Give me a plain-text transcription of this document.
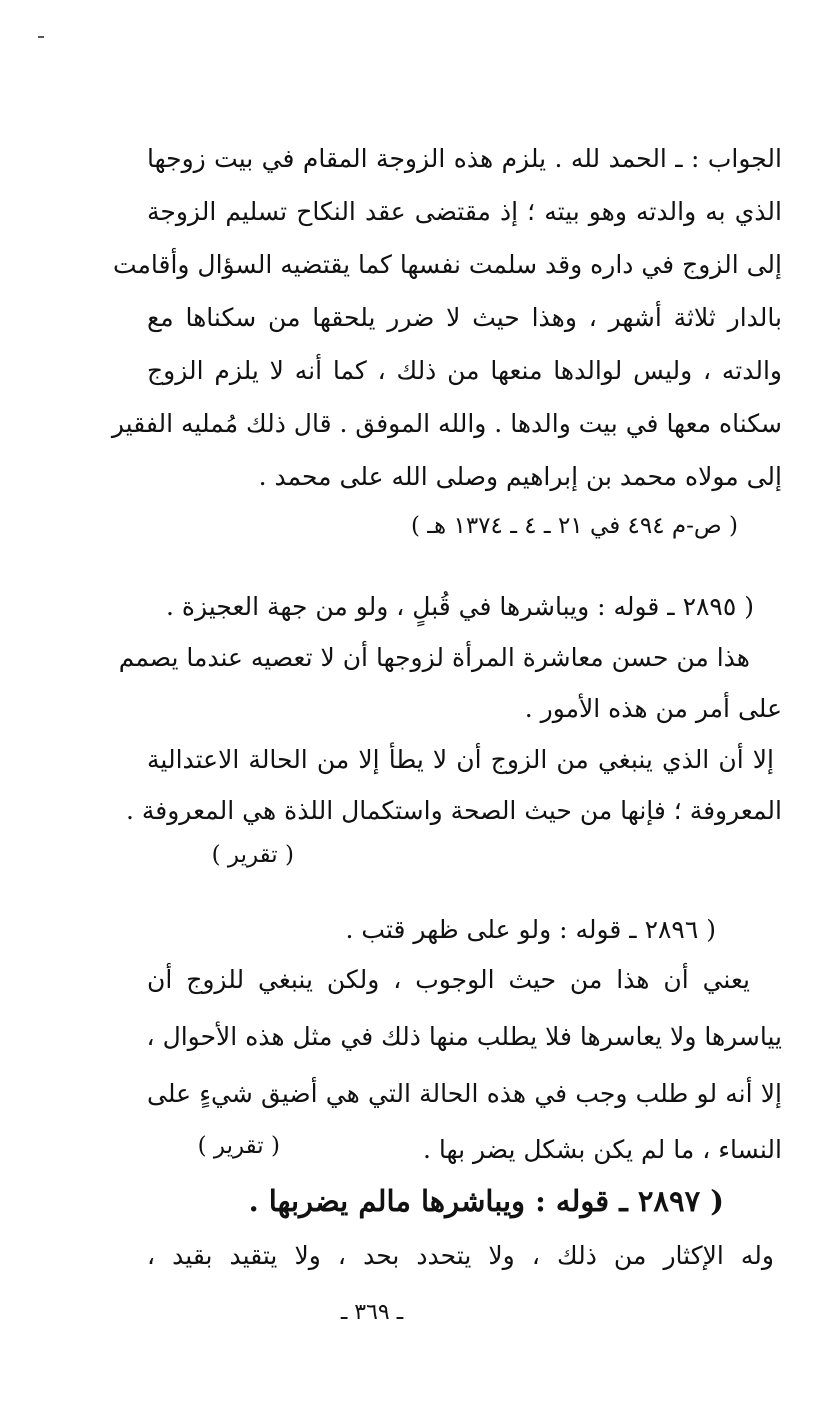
الجواب : ـ الحمد لله . يلزم هذه الزوجة المقام في بيت زوجها
الذي به والدته وهو بيته ؛ إذ مقتضى عقد النكاح تسليم الزوجة
إلى الزوج في داره وقد سلمت نفسها كما يقتضيه السؤال وأقامت
بالدار ثلاثة أشهر ، وهذا حيث لا ضرر يلحقها من سكناها مع
والدته ، وليس لوالدها منعها من ذلك ، كما أنه لا يلزم الزوج
سكناه معها في بيت والدها . والله الموفق . قال ذلك مُمليه الفقير
إلى مولاه محمد بن إبراهيم وصلى الله على محمد .
( ص-م ٤٩٤ في ٢١ ـ ٤ ـ ١٣٧٤ هـ )
( ٢٨٩٥ ـ قوله : ويباشرها في قُبلٍ ، ولو من جهة العجيزة .
هذا من حسن معاشرة المرأة لزوجها أن لا تعصيه عندما يصمم
على أمر من هذه الأمور .
إلا أن الذي ينبغي من الزوج أن لا يطأ إلا من الحالة الاعتدالية
المعروفة ؛ فإنها من حيث الصحة واستكمال اللذة هي المعروفة .
( تقرير )
( ٢٨٩٦ ـ قوله : ولو على ظهر قتب .
يعني أن هذا من حيث الوجوب ، ولكن ينبغي للزوج أن
يياسرها ولا يعاسرها فلا يطلب منها ذلك في مثل هذه الأحوال ،
إلا أنه لو طلب وجب في هذه الحالة التي هي أضيق شيءٍ على
النساء ، ما لم يكن بشكل يضر بها .
( تقرير )
( ٢٨٩٧ ـ قوله : ويباشرها مالم يضربها .
وله الإكثار من ذلك ، ولا يتحدد بحد ، ولا يتقيد بقيد ،
ـ ٣٦٩ ـ
